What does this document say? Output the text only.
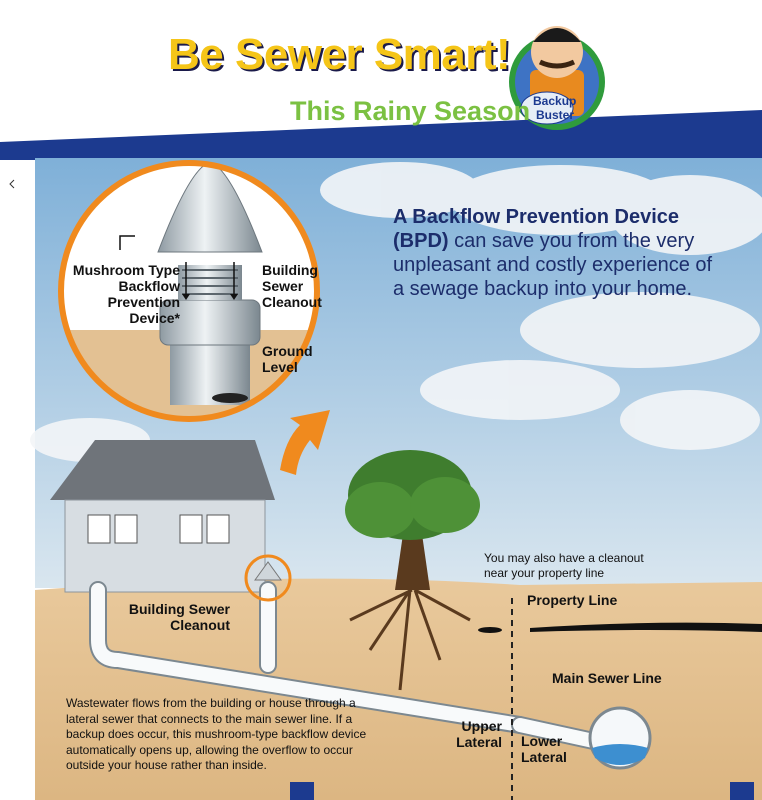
Backup
Buster
Be Sewer Smart!
This Rainy Season

A Backflow Prevention Device (BPD) can save you from the very unpleasant and costly experience of a sewage backup into your home.

Mushroom Type Backflow Prevention Device*
Building Sewer Cleanout
Ground Level
Building Sewer Cleanout
You may also have a cleanout near your property line
Property Line
Main Sewer Line
Upper Lateral Lower Lateral

Wastewater flows from the building or house through a lateral sewer that connects to the main sewer line. If a backup does occur, this mushroom-type backflow device automatically opens up, allowing the overflow to occur outside your house rather than inside.
